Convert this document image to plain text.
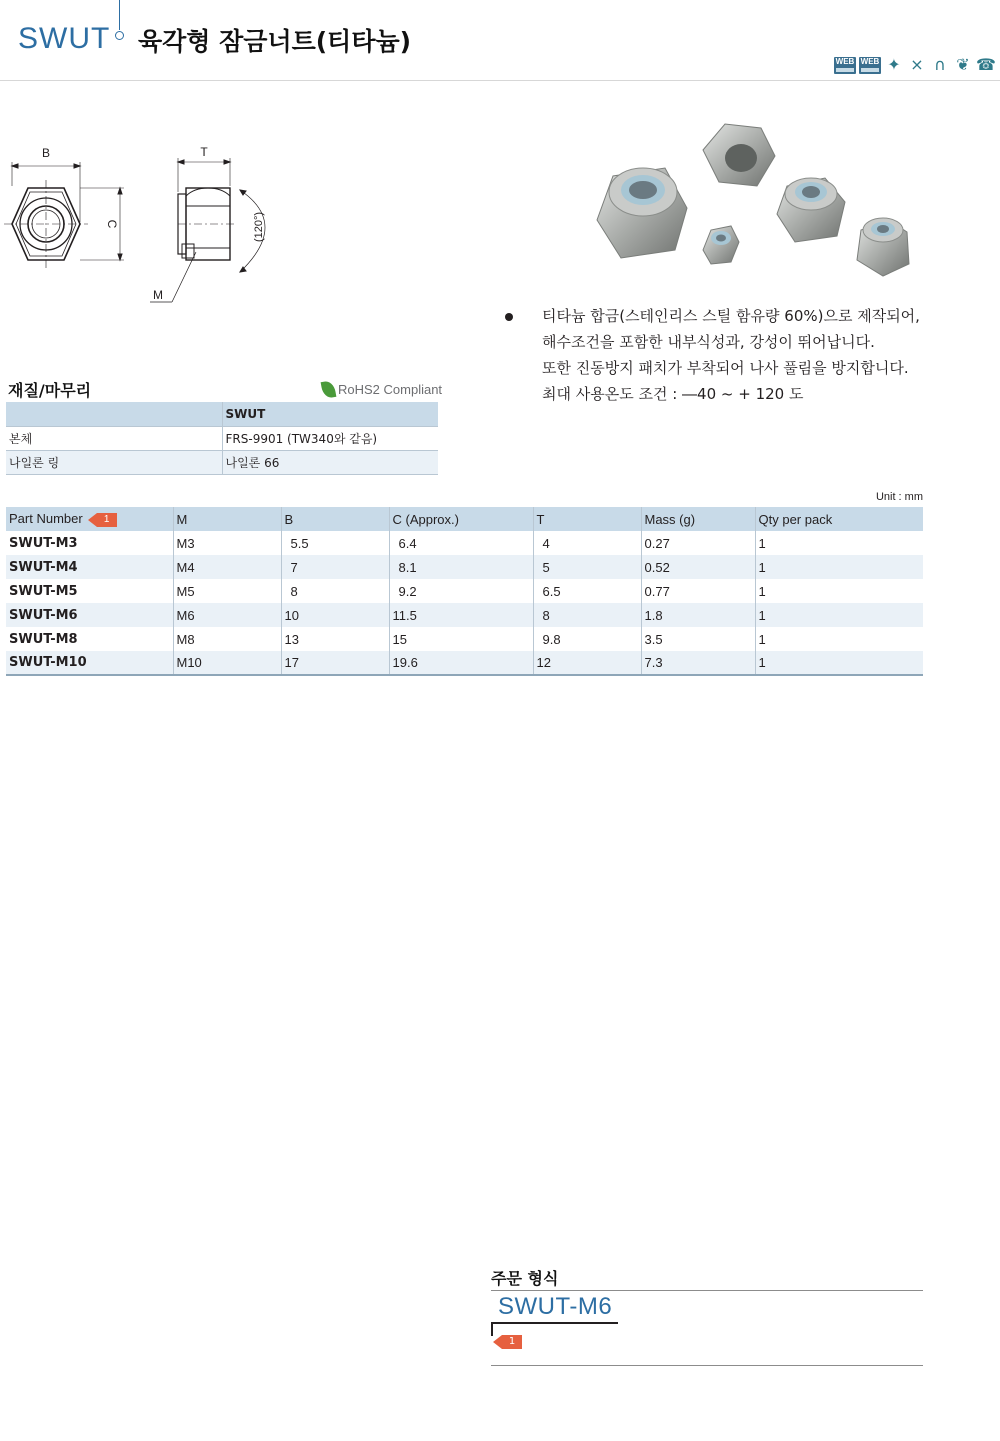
SWUT 육각형 잠금너트(티타늄)
WEB WEB ✦ × ∩ ❦ ☎
B	T
C
M
(120°)
티타늄 합금(스테인리스 스틸 함유량 60%)으로 제작되어,
해수조건을 포함한 내부식성과, 강성이 뛰어납니다.
또한 진동방지 패치가 부착되어 나사 풀림을 방지합니다.
최대 사용온도 조건 : ―40 ~ + 120 도
재질/마무리	RoHS2 Compliant
	SWUT
본체	FRS-9901 (TW340와 같음)
나일론 링	나일론 66
Unit : mm
Part Number 1	M	B	C (Approx.)	T	Mass (g)	Qty per pack
SWUT-M3	M3	5.5	6.4	4	0.27	1
SWUT-M4	M4	7	8.1	5	0.52	1
SWUT-M5	M5	8	9.2	6.5	0.77	1
SWUT-M6	M6	10	11.5	8	1.8	1
SWUT-M8	M8	13	15	9.8	3.5	1
SWUT-M10	M10	17	19.6	12	7.3	1
주문 형식
SWUT-M6
1
